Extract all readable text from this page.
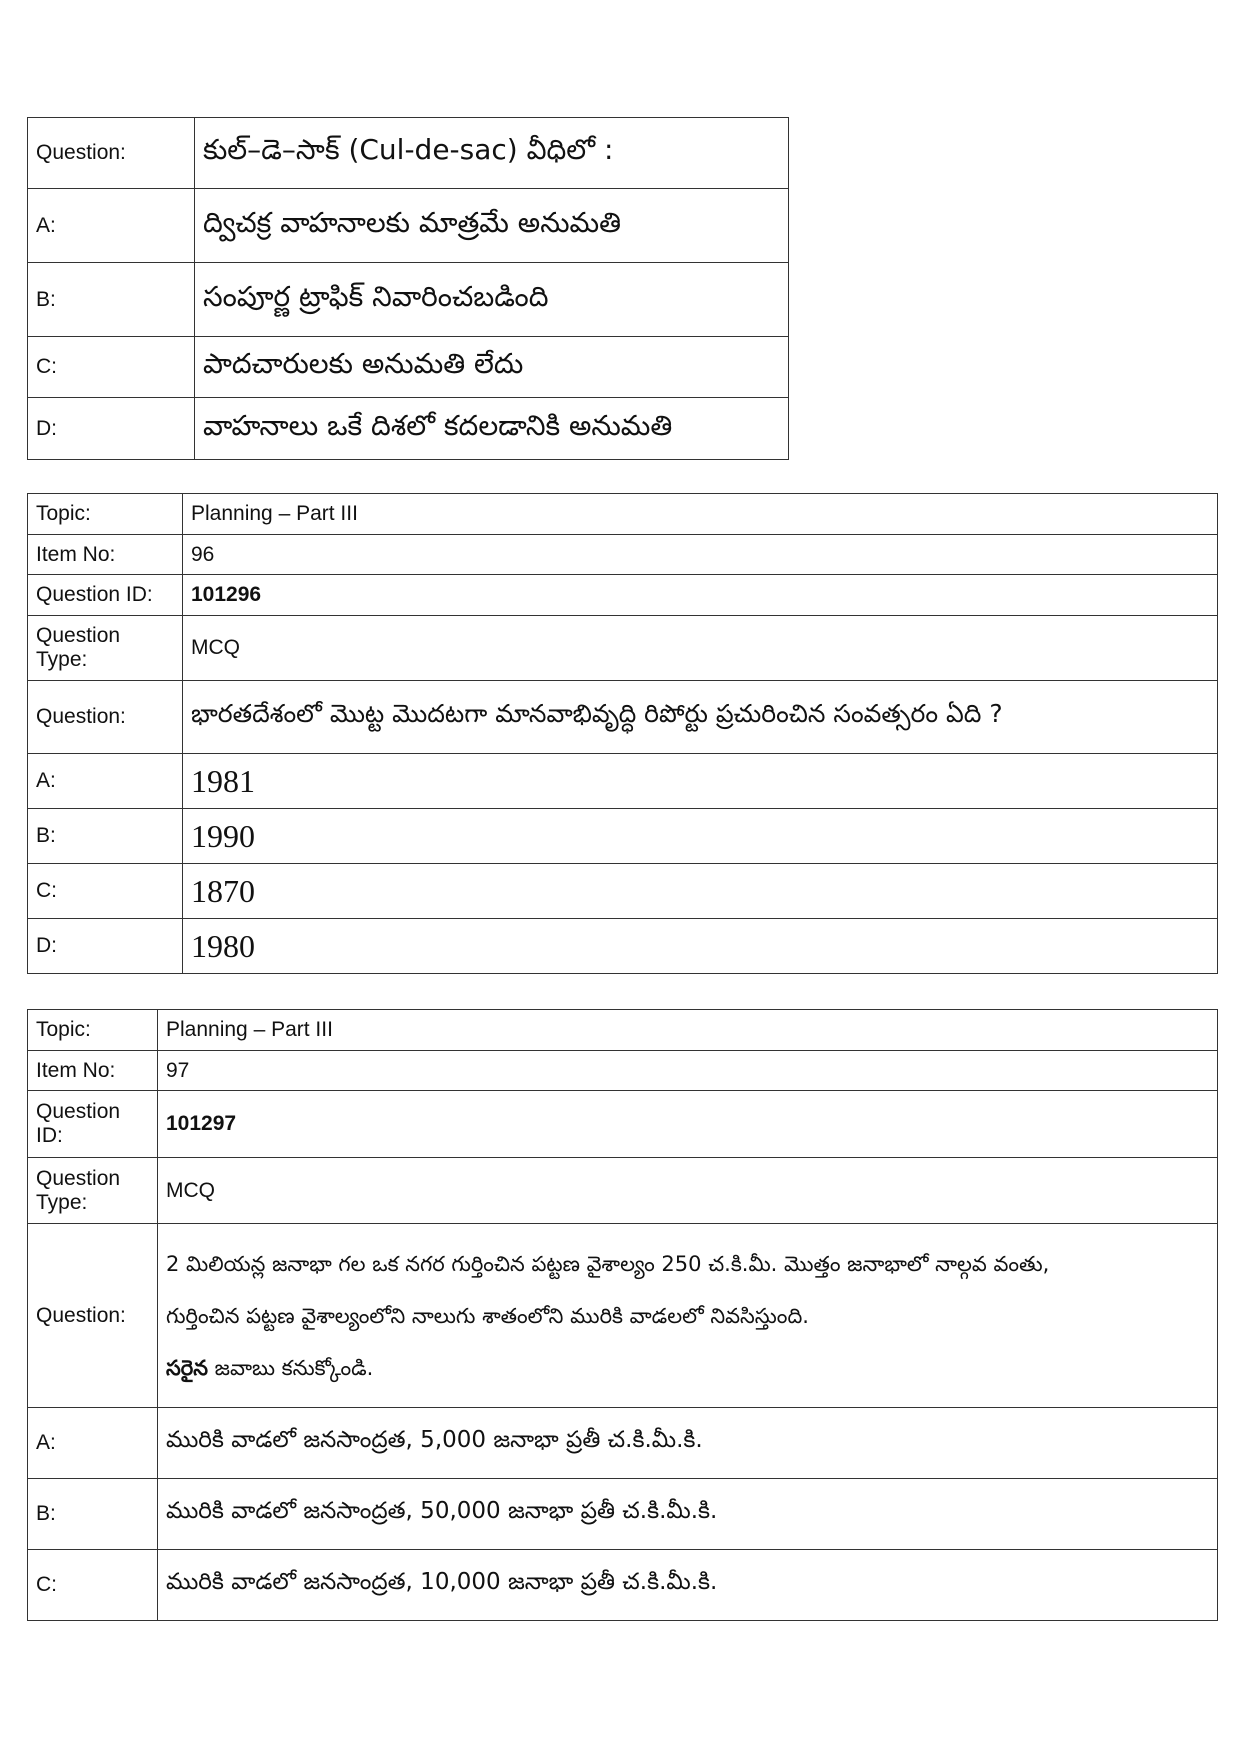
Question:	కుల్–డె–సాక్ (Cul-de-sac) వీధిలో :
A:	ద్విచక్ర వాహనాలకు మాత్రమే అనుమతి
B:	సంపూర్ణ ట్రాఫిక్ నివారించబడింది
C:	పాదచారులకు అనుమతి లేదు
D:	వాహనాలు ఒకే దిశలో కదలడానికి అనుమతి
Topic:	Planning – Part III
Item No:	96
Question ID:	101296
Question Type:	MCQ
Question:	భారతదేశంలో మొట్ట మొదటగా మానవాభివృద్ధి రిపోర్టు ప్రచురించిన సంవత్సరం ఏది ?
A:	1981
B:	1990
C:	1870
D:	1980
Topic:	Planning – Part III
Item No:	97
Question ID:	101297
Question Type:	MCQ
Question:	2 మిలియన్ల జనాభా గల ఒక నగర గుర్తించిన పట్టణ వైశాల్యం 250 చ.కి.మీ. మొత్తం జనాభాలో నాల్గవ వంతు,

గుర్తించిన పట్టణ వైశాల్యంలోని నాలుగు శాతంలోని మురికి వాడలలో నివసిస్తుంది.

సరైన జవాబు కనుక్కోండి.

A:	మురికి వాడలో జనసాంద్రత, 5,000 జనాభా ప్రతీ చ.కి.మీ.కి.
B:	మురికి వాడలో జనసాంద్రత, 50,000 జనాభా ప్రతీ చ.కి.మీ.కి.
C:	మురికి వాడలో జనసాంద్రత, 10,000 జనాభా ప్రతీ చ.కి.మీ.కి.
